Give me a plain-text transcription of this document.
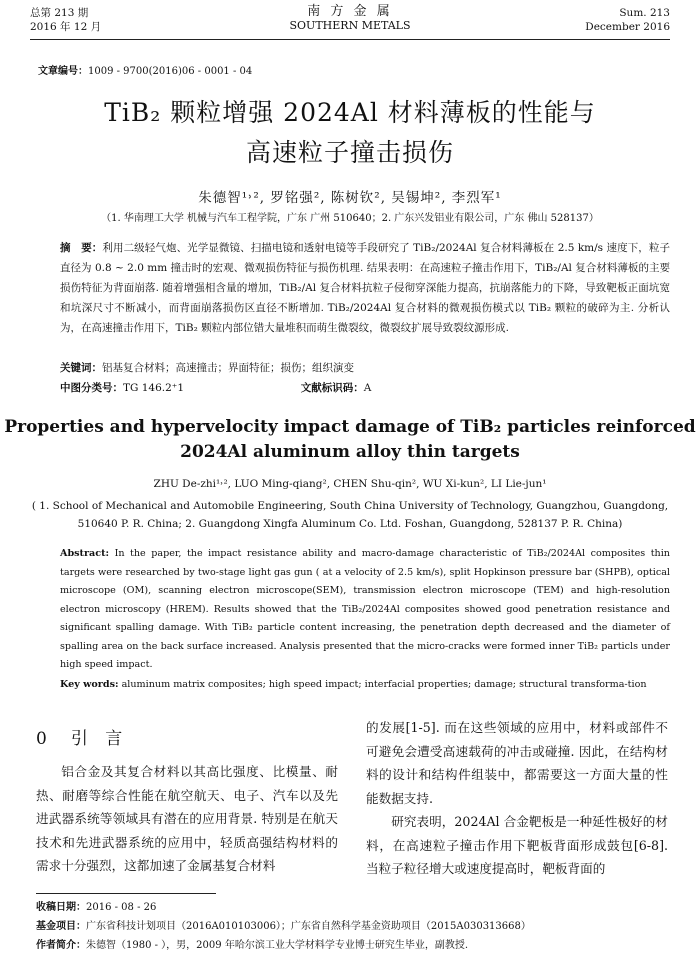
总第 213 期
2016 年 12 月
南 方 金 属
SOUTHERN METALS
Sum. 213
December 2016
文章编号：1009 - 9700(2016)06 - 0001 - 04
TiB₂ 颗粒增强 2024Al 材料薄板的性能与
高速粒子撞击损伤
朱德智¹˒², 罗铭强², 陈树钦², 吴锡坤², 李烈军¹
（1. 华南理工大学 机械与汽车工程学院，广东 广州 510640；2. 广东兴发铝业有限公司，广东 佛山 528137）
摘　要：利用二级轻气炮、光学显微镜、扫描电镜和透射电镜等手段研究了 TiB₂/2024Al 复合材料薄板在 2.5 km/s 速度下，粒子直径为 0.8 ~ 2.0 mm 撞击时的宏观、微观损伤特征与损伤机理. 结果表明：在高速粒子撞击作用下，TiB₂/Al 复合材料薄板的主要损伤特征为背面崩落. 随着增强相含量的增加，TiB₂/Al 复合材料抗粒子侵彻穿深能力提高，抗崩落能力的下降，导致靶板正面坑宽和坑深尺寸不断减小，而背面崩落损伤区直径不断增加. TiB₂/2024Al 复合材料的微观损伤模式以 TiB₂ 颗粒的破碎为主. 分析认为，在高速撞击作用下，TiB₂ 颗粒内部位错大量堆积而萌生微裂纹，微裂纹扩展导致裂纹源形成.
关键词：铝基复合材料；高速撞击；界面特征；损伤；组织演变
中图分类号：TG 146.2⁺1	文献标识码：A
Properties and hypervelocity impact damage of TiB₂ particles reinforced
2024Al aluminum alloy thin targets
ZHU De-zhi¹˒², LUO Ming-qiang², CHEN Shu-qin², WU Xi-kun², LI Lie-jun¹
( 1. School of Mechanical and Automobile Engineering, South China University of Technology, Guangzhou, Guangdong,
510640 P. R. China; 2. Guangdong Xingfa Aluminum Co. Ltd. Foshan, Guangdong, 528137 P. R. China)
Abstract: In the paper, the impact resistance ability and macro-damage characteristic of TiB₂/2024Al composites thin targets were researched by two-stage light gas gun ( at a velocity of 2.5 km/s), split Hopkinson pressure bar (SHPB), optical microscope (OM), scanning electron microscope(SEM), transmission electron microscope (TEM) and high-resolution electron microscopy (HREM). Results showed that the TiB₂/2024Al composites showed good penetration resistance and significant spalling damage. With TiB₂ particle content increasing, the penetration depth decreased and the diameter of spalling area on the back surface increased. Analysis presented that the micro-cracks were formed inner TiB₂ particls under high speed impact.
Key words: aluminum matrix composites; high speed impact; interfacial properties; damage; structural transforma-tion
0 引 言
铝合金及其复合材料以其高比强度、比模量、耐热、耐磨等综合性能在航空航天、电子、汽车以及先进武器系统等领域具有潜在的应用背景. 特别是在航天技术和先进武器系统的应用中，轻质高强结构材料的需求十分强烈，这都加速了金属基复合材料
的发展[1-5]. 而在这些领域的应用中，材料或部件不可避免会遭受高速载荷的冲击或碰撞. 因此，在结构材料的设计和结构件组装中，都需要这一方面大量的性能数据支持.
研究表明，2024Al 合金靶板是一种延性极好的材料，在高速粒子撞击作用下靶板背面形成鼓包[6-8]. 当粒子粒径增大或速度提高时，靶板背面的
收稿日期：2016 - 08 - 26
基金项目：广东省科技计划项目（2016A010103006）；广东省自然科学基金资助项目（2015A030313668）
作者简介：朱德智（1980 - ），男，2009 年哈尔滨工业大学材料学专业博士研究生毕业，副教授.
